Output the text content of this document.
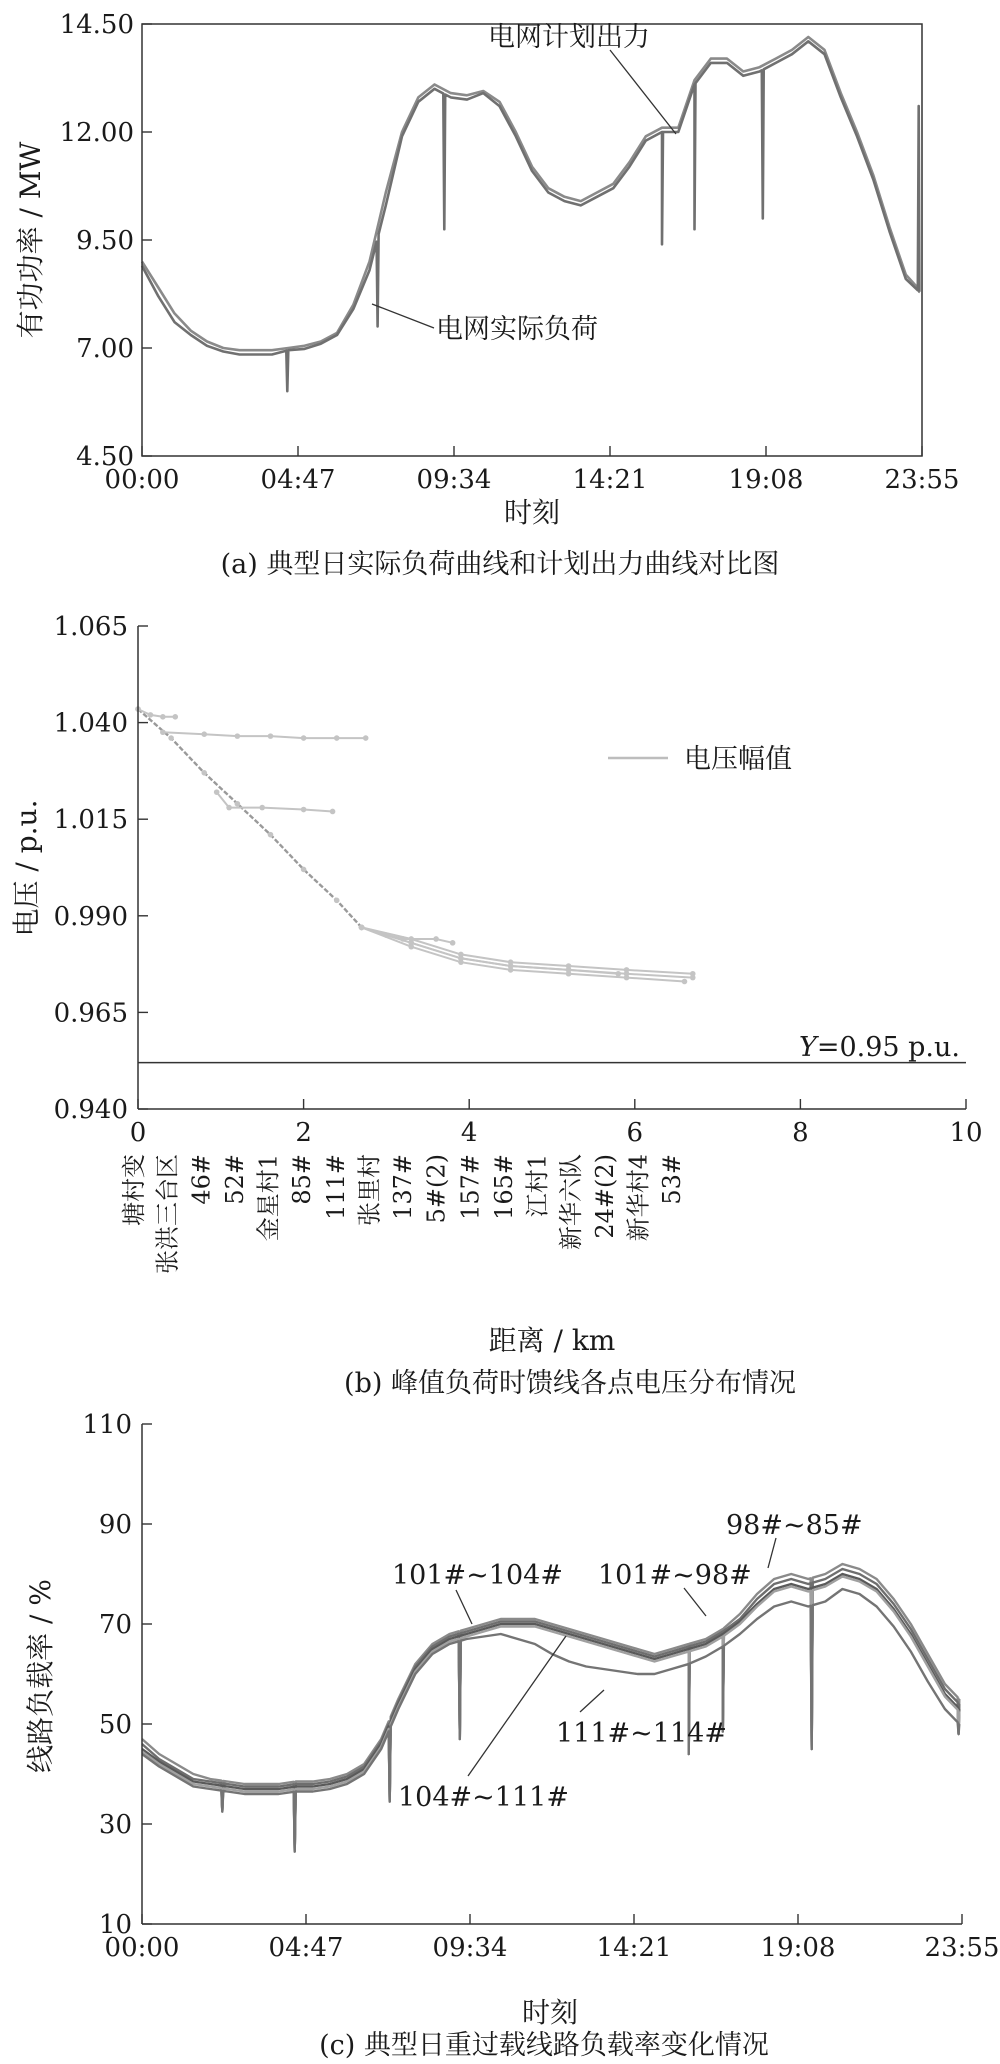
4.50
7.00
9.50
12.00
14.50
00:00	04:47	09:34	14:21	19:08	23:55
有功功率 / MW
时刻
(a) 典型日实际负荷曲线和计划出力曲线对比图
电网计划出力
电网实际负荷
0.940
0.965
0.990
1.015
1.040
1.065
0	2	4	6	8	10
Y=0.95 p.u.
电压幅值
电压 / p.u.
塘村变 张洪三台区 46# 52# 金星村1 85# 111# 张里村 137# 5#(2) 157# 165# 江村1 新华六队 24#(2) 新华村4 53#
距离 / km
(b) 峰值负荷时馈线各点电压分布情况
10
30
50
70
90
110
00:00	04:47	09:34	14:21	19:08	23:55
98#~85#
101#~98#
101#~104#
104#~111#
111#~114#
线路负载率 / %
时刻
(c) 典型日重过载线路负载率变化情况
